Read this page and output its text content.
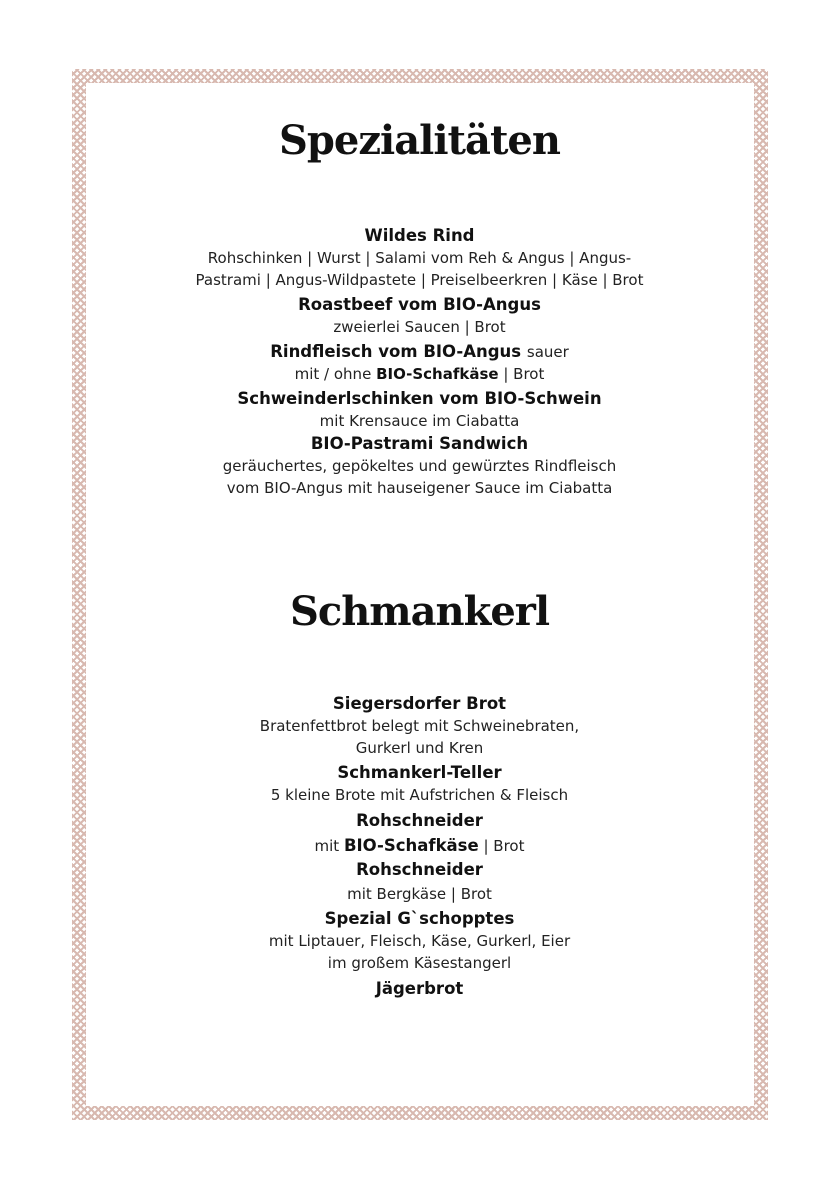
Spezialitäten

Wildes Rind

Rohschinken | Wurst | Salami vom Reh & Angus | Angus-

Pastrami | Angus-Wildpastete | Preiselbeerkren | Käse | Brot

Roastbeef vom BIO-Angus

zweierlei Saucen | Brot

Rindfleisch vom BIO-Angus sauer

mit / ohne BIO-Schafkäse | Brot

Schweinderlschinken vom BIO-Schwein

mit Krensauce im Ciabatta

BIO-Pastrami Sandwich

geräuchertes, gepökeltes und gewürztes Rindfleisch

vom BIO-Angus mit hauseigener Sauce im Ciabatta

Schmankerl

Siegersdorfer Brot

Bratenfettbrot belegt mit Schweinebraten,

Gurkerl und Kren

Schmankerl-Teller

5 kleine Brote mit Aufstrichen & Fleisch

Rohschneider

mit BIO-Schafkäse | Brot

Rohschneider

mit Bergkäse | Brot

Spezial G`schopptes

mit Liptauer, Fleisch, Käse, Gurkerl, Eier

im großem Käsestangerl

Jägerbrot
